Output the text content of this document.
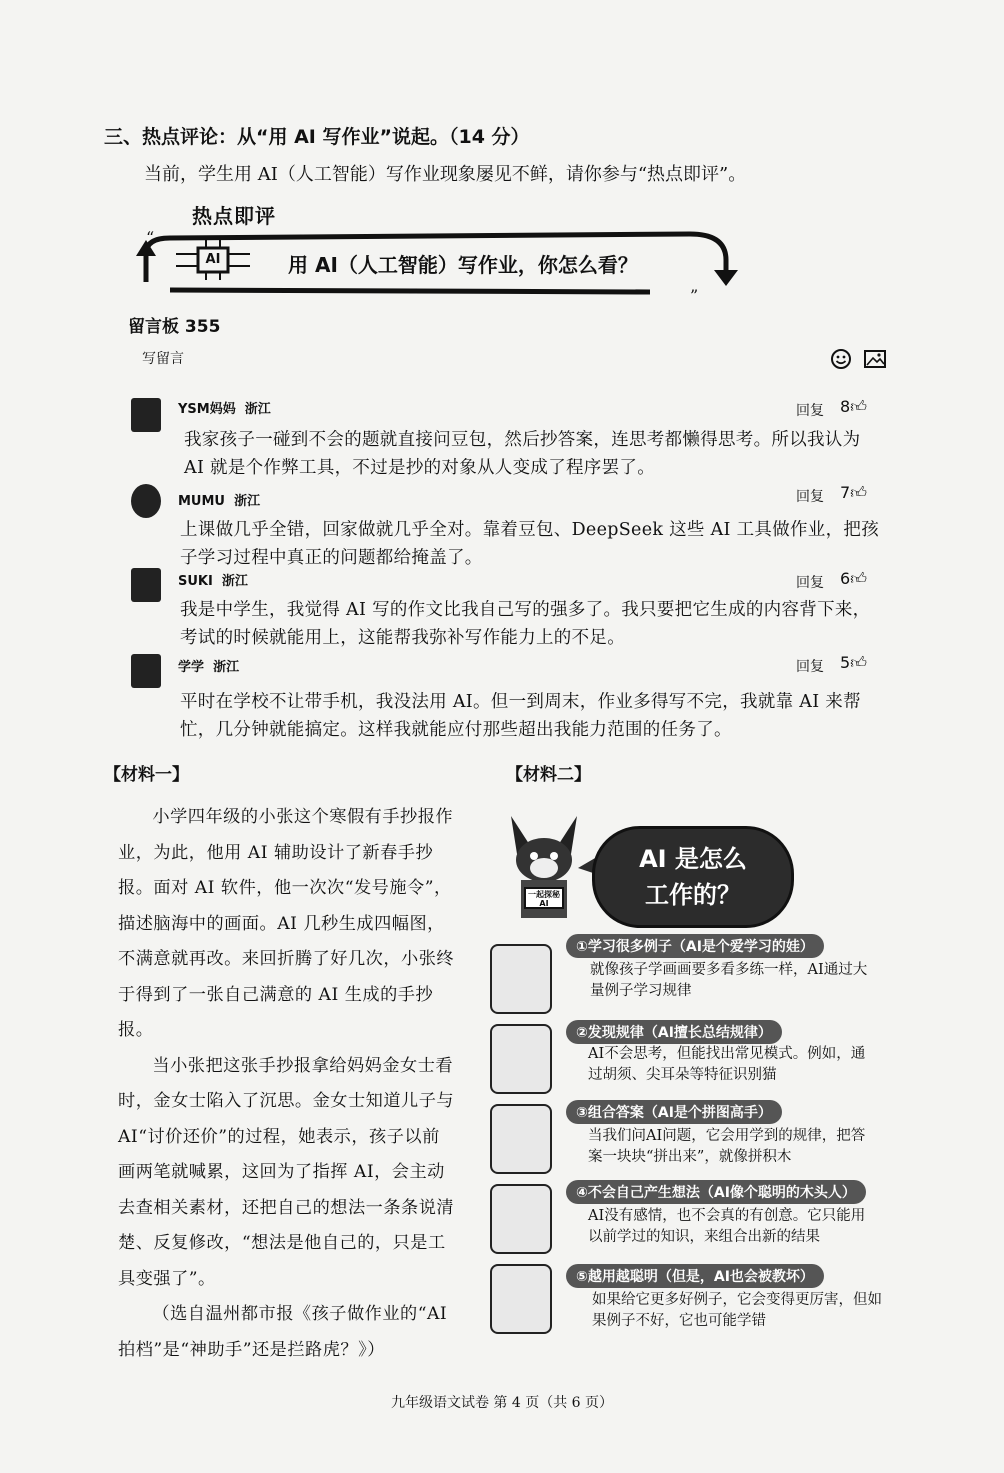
三、热点评论：从“用 AI 写作业”说起。（14 分）
当前，学生用 AI（人工智能）写作业现象屡见不鲜，请你参与“热点即评”。
热点即评
“
”
AI	用 AI（人工智能）写作业，你怎么看？
留言板 355
写留言

YSM妈妈 浙江	回复 8👍︎
我家孩子一碰到不会的题就直接问豆包，然后抄答案，连思考都懒得思考。所以我认为 AI 就是个作弊工具，不过是抄的对象从人变成了程序罢了。
MUMU 浙江	回复 7👍︎
上课做几乎全错，回家做就几乎全对。靠着豆包、DeepSeek 这些 AI 工具做作业，把孩子学习过程中真正的问题都给掩盖了。
SUKI 浙江	回复 6👍︎
我是中学生，我觉得 AI 写的作文比我自己写的强多了。我只要把它生成的内容背下来，考试的时候就能用上，这能帮我弥补写作能力上的不足。
学学 浙江	回复 5👍︎
平时在学校不让带手机，我没法用 AI。但一到周末，作业多得写不完，我就靠 AI 来帮忙，几分钟就能搞定。这样我就能应付那些超出我能力范围的任务了。
【材料一】

小学四年级的小张这个寒假有手抄报作业，为此，他用 AI 辅助设计了新春手抄报。面对 AI 软件，他一次次“发号施令”，描述脑海中的画面。AI 几秒生成四幅图，不满意就再改。来回折腾了好几次，小张终于得到了一张自己满意的 AI 生成的手抄报。

当小张把这张手抄报拿给妈妈金女士看时，金女士陷入了沉思。金女士知道儿子与 AI“讨价还价”的过程，她表示，孩子以前画两笔就喊累，这回为了指挥 AI，会主动去查相关素材，还把自己的想法一条条说清楚、反复修改，“想法是他自己的，只是工具变强了”。

（选自温州都市报《孩子做作业的“AI 拍档”是“神助手”还是拦路虎？》）

【材料二】
一起探秘AI
AI 是怎么
工作的？
①学习很多例子（AI是个爱学习的娃）
就像孩子学画画要多看多练一样，AI通过大量例子学习规律
②发现规律（AI擅长总结规律）
AI不会思考，但能找出常见模式。例如，通过胡须、尖耳朵等特征识别猫
③组合答案（AI是个拼图高手）
当我们问AI问题，它会用学到的规律，把答案一块块“拼出来”，就像拼积木
④不会自己产生想法（AI像个聪明的木头人）
AI没有感情，也不会真的有创意。它只能用以前学过的知识，来组合出新的结果
⑤越用越聪明（但是，AI也会被教坏）
如果给它更多好例子，它会变得更厉害，但如果例子不好，它也可能学错
九年级语文试卷 第 4 页（共 6 页）
